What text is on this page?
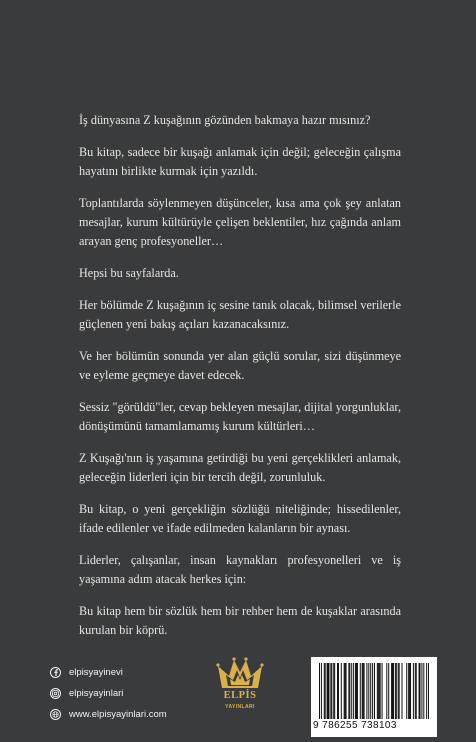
İş dünyasına Z kuşağının gözünden bakmaya hazır mısınız?

Bu kitap, sadece bir kuşağı anlamak için değil; geleceğin çalışma hayatını birlikte kurmak için yazıldı.

Toplantılarda söylenmeyen düşünceler, kısa ama çok şey anlatan mesajlar, kurum kültürüyle çelişen beklentiler, hız çağında anlam arayan genç profesyoneller…

Hepsi bu sayfalarda.

Her bölümde Z kuşağının iç sesine tanık olacak, bilimsel verilerle güçlenen yeni bakış açıları kazanacaksınız.

Ve her bölümün sonunda yer alan güçlü sorular, sizi düşünmeye ve eyleme geçmeye davet edecek.

Sessiz "görüldü"ler, cevap bekleyen mesajlar, dijital yorgunluklar, dönüşümünü tamamlamamış kurum kültürleri…

Z Kuşağı'nın iş yaşamına getirdiği bu yeni gerçeklikleri anlamak, geleceğin liderleri için bir tercih değil, zorunluluk.

Bu kitap, o yeni gerçekliğin sözlüğü niteliğinde; hissedilenler, ifade edilenler ve ifade edilmeden kalanların bir aynası.

Liderler, çalışanlar, insan kaynakları profesyonelleri ve iş yaşamına adım atacak herkes için:

Bu kitap hem bir sözlük hem bir rehber hem de kuşaklar arasında kurulan bir köprü.

elpisyayinevi
elpisyayinlari
www.elpisyayinlari.com
ELPİS
YAYINLARI
9 786255 738103
